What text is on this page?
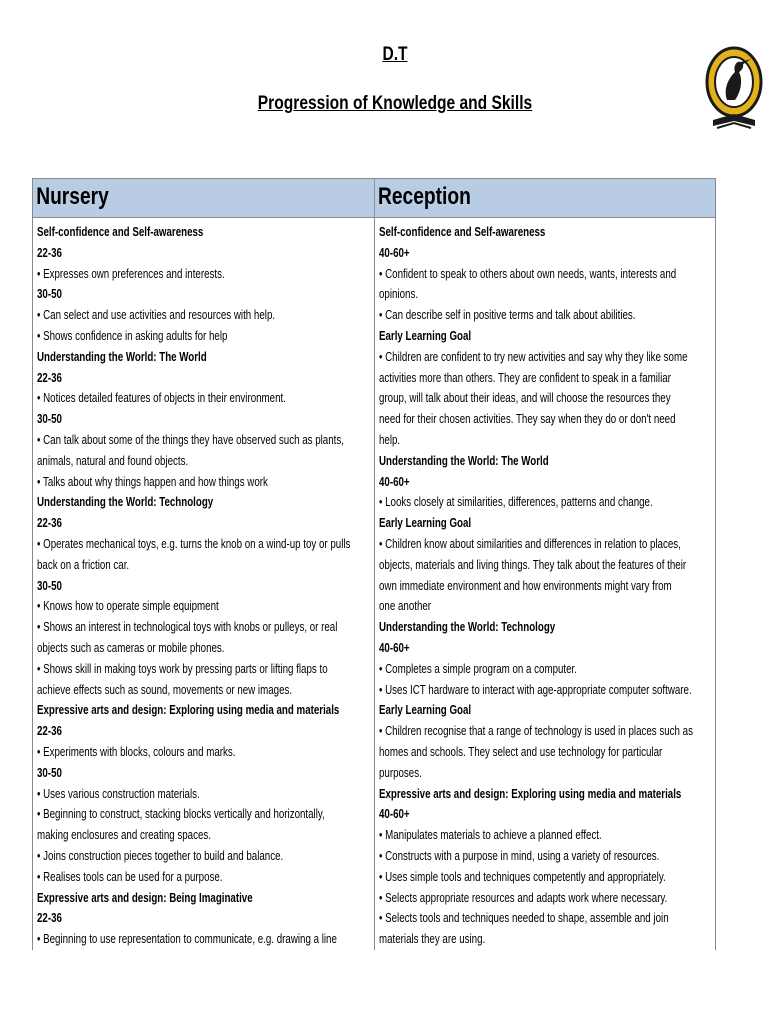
D.T
Progression of Knowledge and Skills
Nursery	Reception
Self-confidence and Self-awareness
22-36
• Expresses own preferences and interests.
30-50
• Can select and use activities and resources with help.
• Shows confidence in asking adults for help
Understanding the World: The World
22-36
• Notices detailed features of objects in their environment.
30-50
• Can talk about some of the things they have observed such as plants,
animals, natural and found objects.
• Talks about why things happen and how things work
Understanding the World: Technology
22-36
• Operates mechanical toys, e.g. turns the knob on a wind-up toy or pulls
back on a friction car.
30-50
• Knows how to operate simple equipment
• Shows an interest in technological toys with knobs or pulleys, or real
objects such as cameras or mobile phones.
• Shows skill in making toys work by pressing parts or lifting flaps to
achieve effects such as sound, movements or new images.
Expressive arts and design: Exploring using media and materials
22-36
• Experiments with blocks, colours and marks.
30-50
• Uses various construction materials.
• Beginning to construct, stacking blocks vertically and horizontally,
making enclosures and creating spaces.
• Joins construction pieces together to build and balance.
• Realises tools can be used for a purpose.
Expressive arts and design: Being Imaginative
22-36
• Beginning to use representation to communicate, e.g. drawing a line
Self-confidence and Self-awareness
40-60+
• Confident to speak to others about own needs, wants, interests and
opinions.
• Can describe self in positive terms and talk about abilities.
Early Learning Goal
• Children are confident to try new activities and say why they like some
activities more than others. They are confident to speak in a familiar
group, will talk about their ideas, and will choose the resources they
need for their chosen activities. They say when they do or don't need
help.
Understanding the World: The World
40-60+
• Looks closely at similarities, differences, patterns and change.
Early Learning Goal
• Children know about similarities and differences in relation to places,
objects, materials and living things. They talk about the features of their
own immediate environment and how environments might vary from
one another
Understanding the World: Technology
40-60+
• Completes a simple program on a computer.
• Uses ICT hardware to interact with age-appropriate computer software.
Early Learning Goal
• Children recognise that a range of technology is used in places such as
homes and schools. They select and use technology for particular
purposes.
Expressive arts and design: Exploring using media and materials
40-60+
• Manipulates materials to achieve a planned effect.
• Constructs with a purpose in mind, using a variety of resources.
• Uses simple tools and techniques competently and appropriately.
• Selects appropriate resources and adapts work where necessary.
• Selects tools and techniques needed to shape, assemble and join
materials they are using.
